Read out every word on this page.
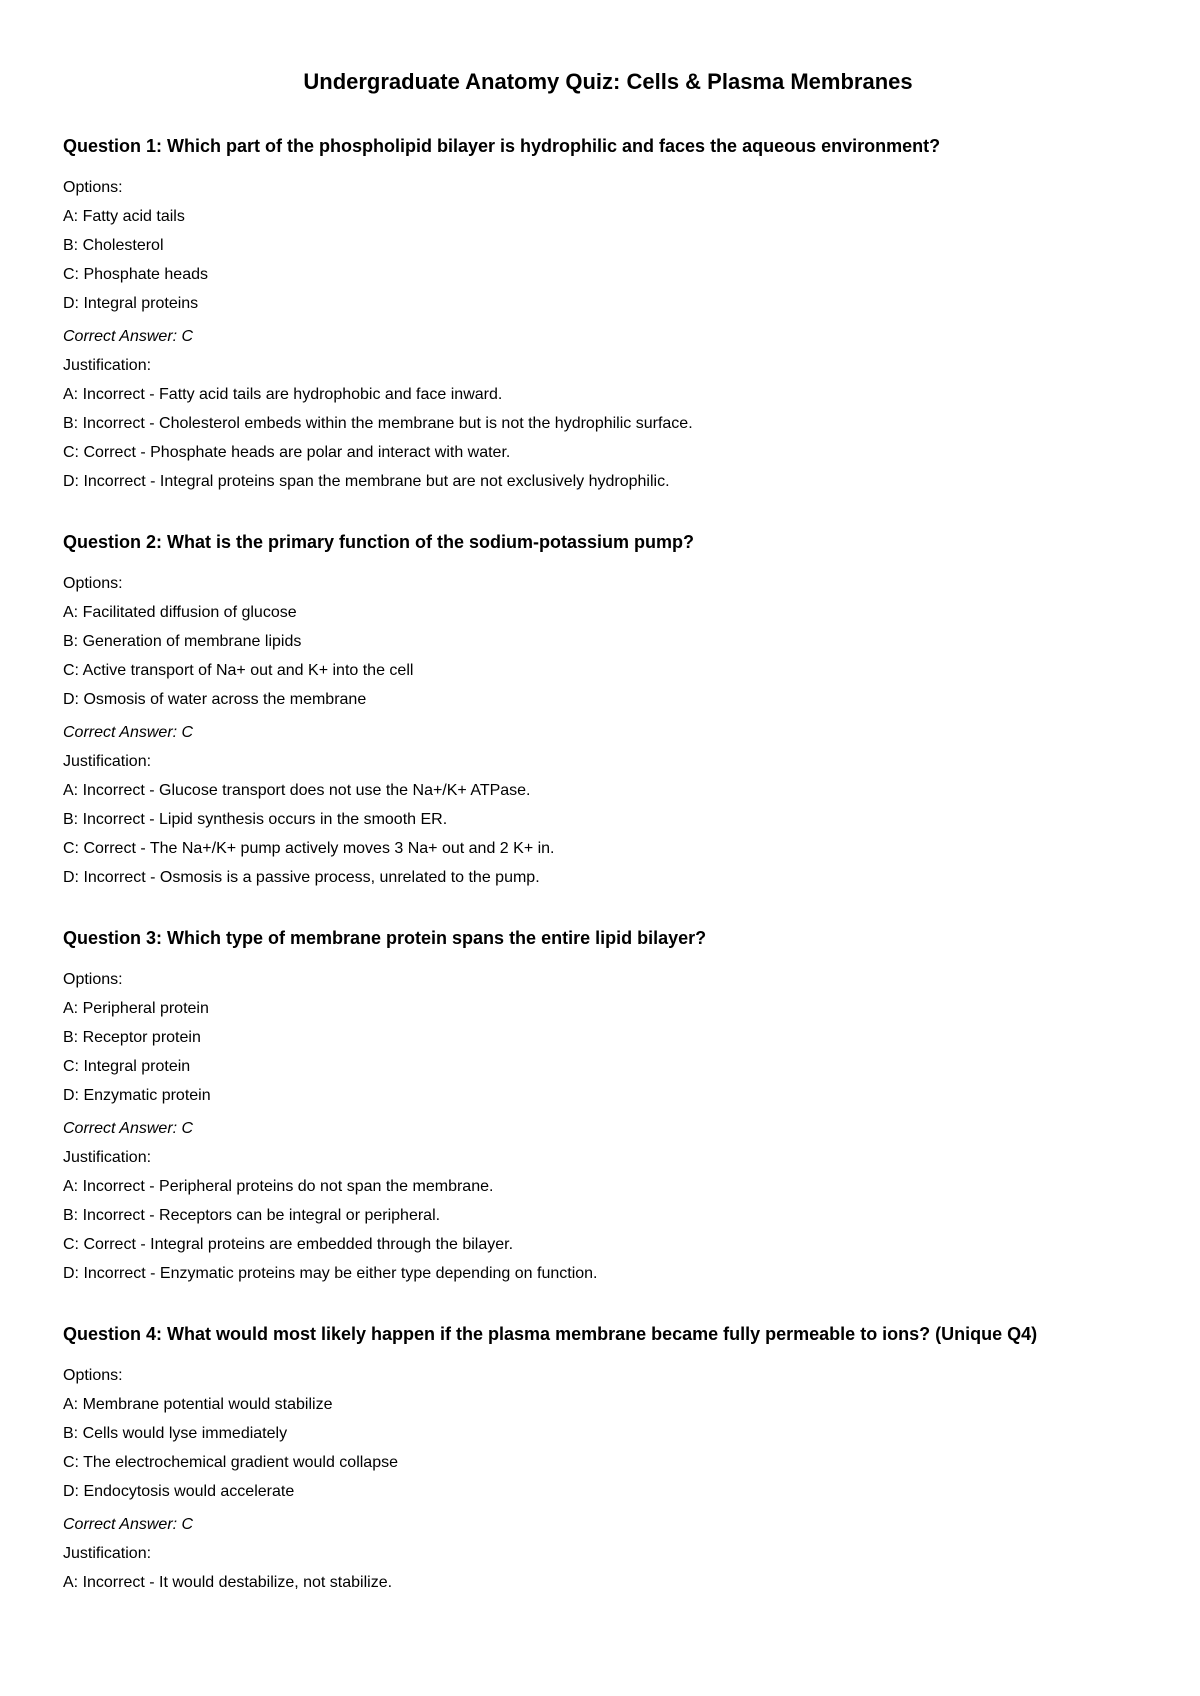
Undergraduate Anatomy Quiz: Cells & Plasma Membranes
Question 1: Which part of the phospholipid bilayer is hydrophilic and faces the aqueous environment?
Options:
A: Fatty acid tails
B: Cholesterol
C: Phosphate heads
D: Integral proteins
Correct Answer: C
Justification:
A: Incorrect - Fatty acid tails are hydrophobic and face inward.
B: Incorrect - Cholesterol embeds within the membrane but is not the hydrophilic surface.
C: Correct - Phosphate heads are polar and interact with water.
D: Incorrect - Integral proteins span the membrane but are not exclusively hydrophilic.
Question 2: What is the primary function of the sodium-potassium pump?
Options:
A: Facilitated diffusion of glucose
B: Generation of membrane lipids
C: Active transport of Na+ out and K+ into the cell
D: Osmosis of water across the membrane
Correct Answer: C
Justification:
A: Incorrect - Glucose transport does not use the Na+/K+ ATPase.
B: Incorrect - Lipid synthesis occurs in the smooth ER.
C: Correct - The Na+/K+ pump actively moves 3 Na+ out and 2 K+ in.
D: Incorrect - Osmosis is a passive process, unrelated to the pump.
Question 3: Which type of membrane protein spans the entire lipid bilayer?
Options:
A: Peripheral protein
B: Receptor protein
C: Integral protein
D: Enzymatic protein
Correct Answer: C
Justification:
A: Incorrect - Peripheral proteins do not span the membrane.
B: Incorrect - Receptors can be integral or peripheral.
C: Correct - Integral proteins are embedded through the bilayer.
D: Incorrect - Enzymatic proteins may be either type depending on function.
Question 4: What would most likely happen if the plasma membrane became fully permeable to ions? (Unique Q4)
Options:
A: Membrane potential would stabilize
B: Cells would lyse immediately
C: The electrochemical gradient would collapse
D: Endocytosis would accelerate
Correct Answer: C
Justification:
A: Incorrect - It would destabilize, not stabilize.
